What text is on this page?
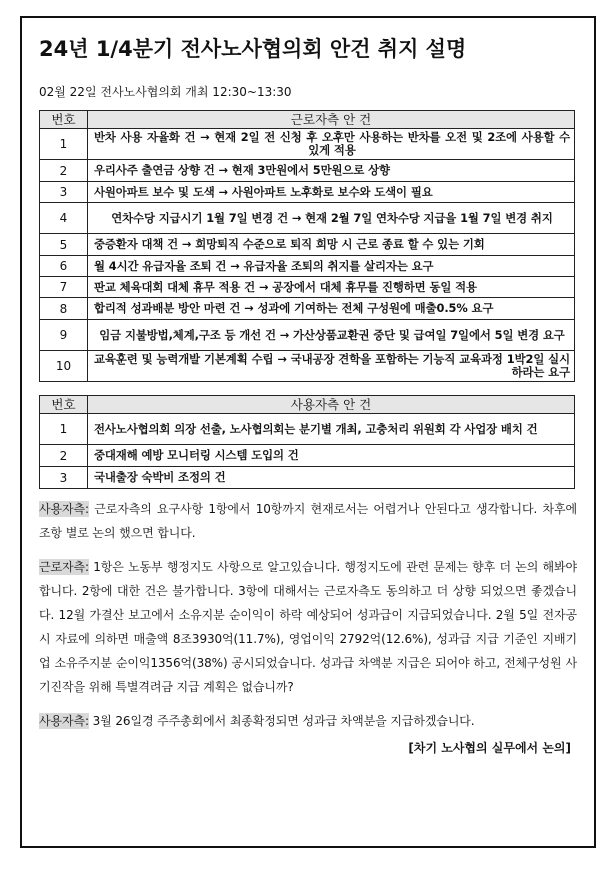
24년 1/4분기 전사노사협의회 안건 취지 설명
02월 22일 전사노사협의회 개최 12:30~13:30
번호	근로자측 안 건
1	반차 사용 자율화 건 → 현재 2일 전 신청 후 오후만 사용하는 반차를 오전 및 2조에 사용할 수 있게 적용
2	우리사주 출연금 상향 건 → 현재 3만원에서 5만원으로 상향
3	사원아파트 보수 및 도색 → 사원아파트 노후화로 보수와 도색이 필요
4	연차수당 지급시기 1월 7일 변경 건 → 현재 2월 7일 연차수당 지급을 1월 7일 변경 취지
5	중증환자 대책 건 → 희망퇴직 수준으로 퇴직 희망 시 근로 종료 할 수 있는 기회
6	월 4시간 유급자율 조퇴 건 → 유급자율 조퇴의 취지를 살리자는 요구
7	판교 체육대회 대체 휴무 적용 건 → 공장에서 대체 휴무를 진행하면 동일 적용
8	합리적 성과배분 방안 마련 건 → 성과에 기여하는 전체 구성원에 매출0.5% 요구
9	임금 지불방법,체계,구조 등 개선 건 → 가산상품교환권 중단 및 급여일 7일에서 5일 변경 요구
10	교육훈련 및 능력개발 기본계획 수립 → 국내공장 견학을 포함하는 기능직 교육과정 1박2일 실시하라는 요구
번호	사용자측 안 건
1	전사노사협의회 의장 선출, 노사협의회는 분기별 개최, 고충처리 위원회 각 사업장 배치 건
2	중대재해 예방 모니터링 시스템 도입의 건
3	국내출장 숙박비 조정의 건

사용자측: 근로자측의 요구사항 1항에서 10항까지 현재로서는 어렵거나 안된다고 생각합니다. 차후에 조항 별로 논의 했으면 합니다.

근로자측: 1항은 노동부 행정지도 사항으로 알고있습니다. 행정지도에 관련 문제는 향후 더 논의 해봐야 합니다. 2항에 대한 건은 불가합니다. 3항에 대해서는 근로자측도 동의하고 더 상향 되었으면 좋겠습니다. 12월 가결산 보고에서 소유지분 순이익이 하락 예상되어 성과급이 지급되었습니다. 2월 5일 전자공시 자료에 의하면 매출액 8조3930억(11.7%), 영업이익 2792억(12.6%), 성과급 지급 기준인 지배기업 소유주지분 순이익1356억(38%) 공시되었습니다. 성과급 차액분 지급은 되어야 하고, 전체구성원 사기진작을 위해 특별격려금 지급 계획은 없습니까?

사용자측: 3월 26일경 주주총회에서 최종확정되면 성과급 차액분을 지급하겠습니다.

[차기 노사협의 실무에서 논의]
